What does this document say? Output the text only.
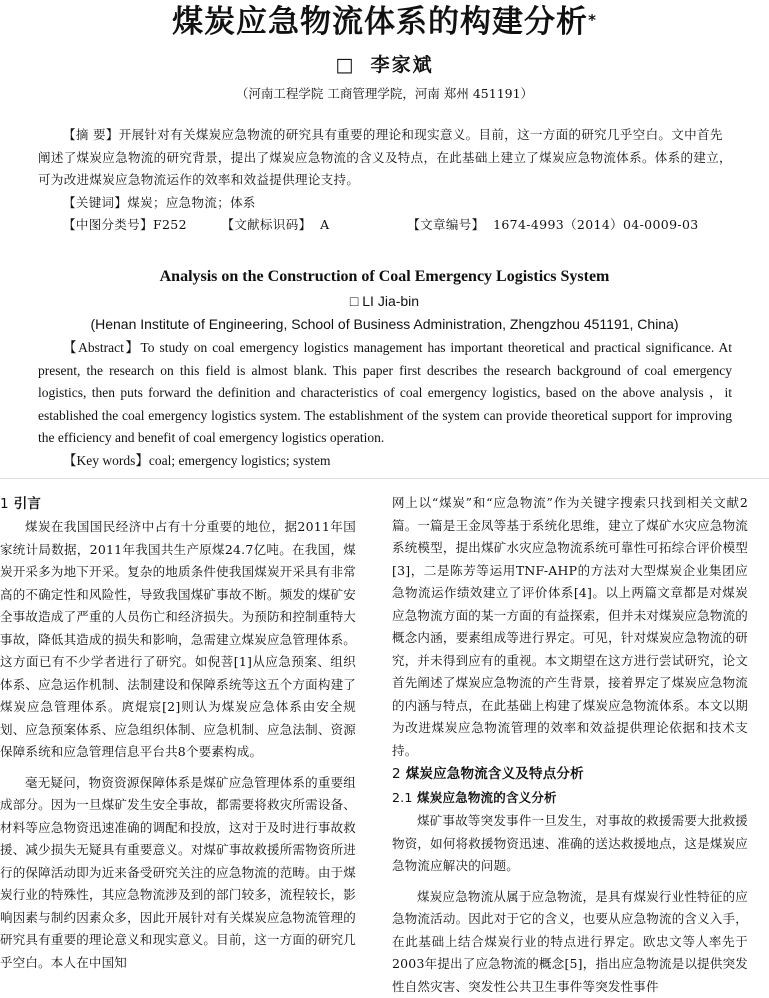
煤炭应急物流体系的构建分析*
□ 李家斌
（河南工程学院 工商管理学院，河南 郑州 451191）

【摘 要】开展针对有关煤炭应急物流的研究具有重要的理论和现实意义。目前，这一方面的研究几乎空白。文中首先阐述了煤炭应急物流的研究背景，提出了煤炭应急物流的含义及特点，在此基础上建立了煤炭应急物流体系。体系的建立，可为改进煤炭应急物流运作的效率和效益提供理论支持。

【关键词】煤炭；应急物流；体系

【中图分类号】F252	【文献标识码】 A	【文章编号】 1674-4993（2014）04-0009-03

Analysis on the Construction of Coal Emergency Logistics System
□ LI Jia-bin
(Henan Institute of Engineering, School of Business Administration, Zhengzhou 451191, China)

【Abstract】To study on coal emergency logistics management has important theoretical and practical significance. At present, the research on this field is almost blank. This paper first describes the research background of coal emergency logistics, then puts forward the definition and characteristics of coal emergency logistics, based on the above analysis ，it established the coal emergency logistics system. The establishment of the system can provide theoretical support for improving the efficiency and benefit of coal emergency logistics operation.

【Key words】coal; emergency logistics; system

1 引言

煤炭在我国国民经济中占有十分重要的地位，据2011年国家统计局数据，2011年我国共生产原煤24.7亿吨。在我国，煤炭开采多为地下开采。复杂的地质条件使我国煤炭开采具有非常高的不确定性和风险性，导致我国煤矿事故不断。频发的煤矿安全事故造成了严重的人员伤亡和经济损失。为预防和控制重特大事故，降低其造成的损失和影响，急需建立煤炭应急管理体系。这方面已有不少学者进行了研究。如倪菩[1]从应急预案、组织体系、应急运作机制、法制建设和保障系统等这五个方面构建了煤炭应急管理体系。庹焜宸[2]则认为煤炭应急体系由安全规划、应急预案体系、应急组织体制、应急机制、应急法制、资源保障系统和应急管理信息平台共8个要素构成。

毫无疑问，物资资源保障体系是煤矿应急管理体系的重要组成部分。因为一旦煤矿发生安全事故，都需要将救灾所需设备、材料等应急物资迅速准确的调配和投放，这对于及时进行事故救援、减少损失无疑具有重要意义。对煤矿事故救援所需物资所进行的保障活动即为近来备受研究关注的应急物流的范畴。由于煤炭行业的特殊性，其应急物流涉及到的部门较多，流程较长，影响因素与制约因素众多，因此开展针对有关煤炭应急物流管理的研究具有重要的理论意义和现实意义。目前，这一方面的研究几乎空白。本人在中国知

网上以“煤炭”和“应急物流”作为关键字搜索只找到相关文献2篇。一篇是王金凤等基于系统化思维，建立了煤矿水灾应急物流系统模型，提出煤矿水灾应急物流系统可靠性可拓综合评价模型[3]，二是陈芳等运用TNF-AHP的方法对大型煤炭企业集团应急物流运作绩效建立了评价体系[4]。以上两篇文章都是对煤炭应急物流方面的某一方面的有益探索，但并未对煤炭应急物流的概念内涵，要素组成等进行界定。可见，针对煤炭应急物流的研究，并未得到应有的重视。本文期望在这方进行尝试研究，论文首先阐述了煤炭应急物流的产生背景，接着界定了煤炭应急物流的内涵与特点，在此基础上构建了煤炭应急物流体系。本文以期为改进煤炭应急物流管理的效率和效益提供理论依据和技术支持。

2 煤炭应急物流含义及特点分析

2.1 煤炭应急物流的含义分析

煤矿事故等突发事件一旦发生，对事故的救援需要大批救援物资，如何将救援物资迅速、准确的送达救援地点，这是煤炭应急物流应解决的问题。

煤炭应急物流从属于应急物流，是具有煤炭行业性特征的应急物流活动。因此对于它的含义，也要从应急物流的含义入手，在此基础上结合煤炭行业的特点进行界定。欧忠文等人率先于2003年提出了应急物流的概念[5]，指出应急物流是以提供突发性自然灾害、突发性公共卫生事件等突发性事件
